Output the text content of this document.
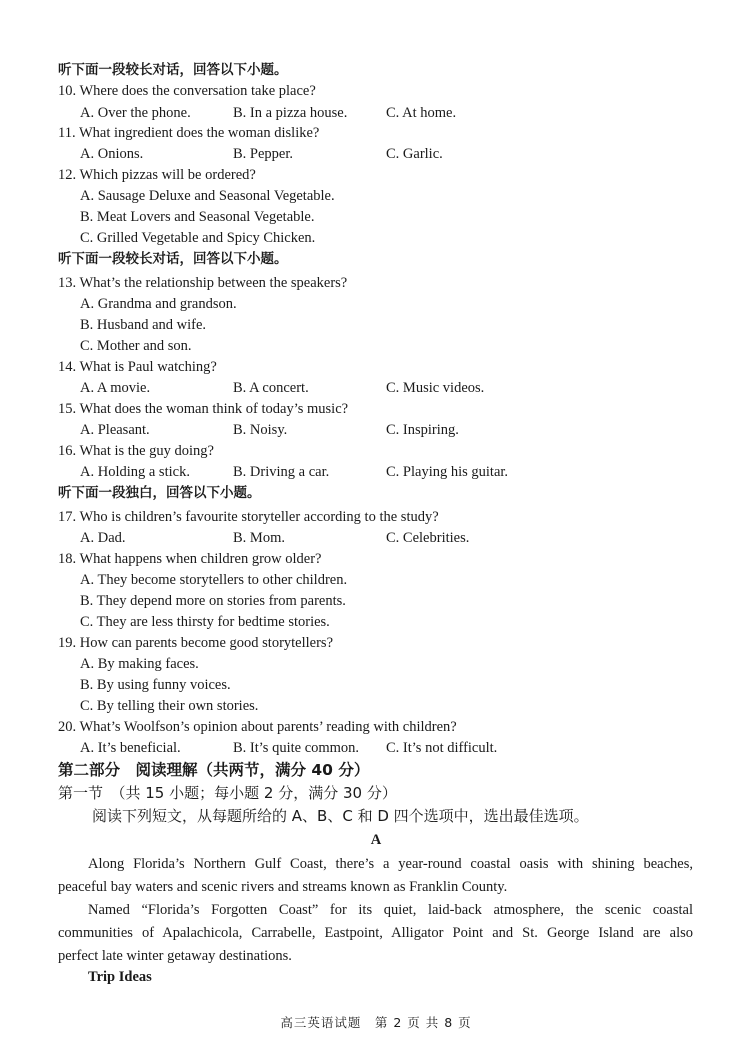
听下面一段较长对话，回答以下小题。
10. Where does the conversation take place?
A. Over the phone.	B. In a pizza house.	C. At home.
11. What ingredient does the woman dislike?
A. Onions.	B. Pepper.	C. Garlic.
12. Which pizzas will be ordered?
A. Sausage Deluxe and Seasonal Vegetable.
B. Meat Lovers and Seasonal Vegetable.
C. Grilled Vegetable and Spicy Chicken.
听下面一段较长对话，回答以下小题。
13. What’s the relationship between the speakers?
A. Grandma and grandson.
B. Husband and wife.
C. Mother and son.
14. What is Paul watching?
A. A movie.	B. A concert.	C. Music videos.
15. What does the woman think of today’s music?
A. Pleasant.	B. Noisy.	C. Inspiring.
16. What is the guy doing?
A. Holding a stick.	B. Driving a car.	C. Playing his guitar.
听下面一段独白，回答以下小题。
17. Who is children’s favourite storyteller according to the study?
A. Dad.	B. Mom.	C. Celebrities.
18. What happens when children grow older?
A. They become storytellers to other children.
B. They depend more on stories from parents.
C. They are less thirsty for bedtime stories.
19. How can parents become good storytellers?
A. By making faces.
B. By using funny voices.
C. By telling their own stories.
20. What’s Woolfson’s opinion about parents’ reading with children?
A. It’s beneficial.	B. It’s quite common. C. It’s not difficult.
第二部分　阅读理解（共两节，满分 40 分）
第一节　（共 15 小题；每小题 2 分，满分 30 分）
阅读下列短文，从每题所给的 A、B、C 和 D 四个选项中，选出最佳选项。
A
Along Florida’s Northern Gulf Coast, there’s a year-round coastal oasis with shining beaches,
peaceful bay waters and scenic rivers and streams known as Franklin County.
Named “Florida’s Forgotten Coast” for its quiet, laid-back atmosphere, the scenic coastal
communities of Apalachicola, Carrabelle, Eastpoint, Alligator Point and St. George Island are also
perfect late winter getaway destinations.
Trip Ideas
高三英语试题　第 2 页 共 8 页
